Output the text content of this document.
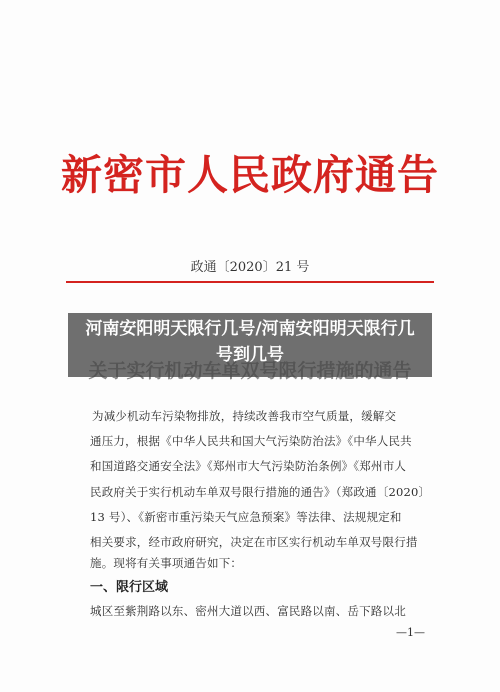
新密市人民政府通告
政通〔2020〕21 号
河南安阳明天限行几号/河南安阳明天限行几号到几号
为减少机动车污染物排放，持续改善我市空气质量，缓解交
通压力，根据《中华人民共和国大气污染防治法》《中华人民共
和国道路交通安全法》《郑州市大气污染防治条例》《郑州市人
民政府关于实行机动车单双号限行措施的通告》（郑政通〔2020〕
13 号）、《新密市重污染天气应急预案》等法律、法规规定和
相关要求，经市政府研究，决定在市区实行机动车单双号限行措
施。现将有关事项通告如下：
一、限行区域
城区至紫荆路以东、密州大道以西、富民路以南、岳下路以北
—1—
